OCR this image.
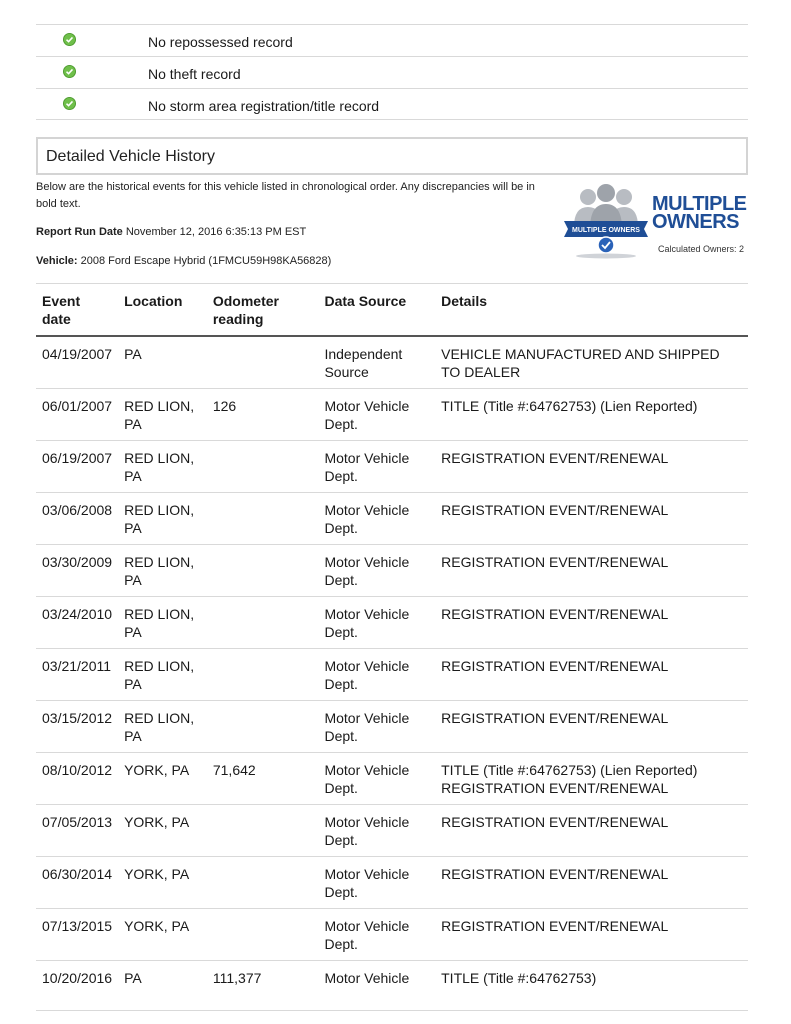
No repossessed record
No theft record
No storm area registration/title record
Detailed Vehicle History

Below are the historical events for this vehicle listed in chronological order. Any discrepancies will be in bold text.

Report Run Date November 12, 2016 6:35:13 PM EST

Vehicle: 2008 Ford Escape Hybrid (1FMCU59H98KA56828)

MULTIPLE OWNERS
MULTIPLE
OWNERS
Calculated Owners: 2
Event date	Location	Odometer reading	Data Source	Details
04/19/2007	PA		Independent Source	VEHICLE MANUFACTURED AND SHIPPED TO DEALER

06/01/2007	RED LION, PA	126	Motor Vehicle Dept.	TITLE (Title #:64762753) (Lien Reported)

06/19/2007	RED LION, PA		Motor Vehicle Dept.	REGISTRATION EVENT/RENEWAL

03/06/2008	RED LION, PA		Motor Vehicle Dept.	REGISTRATION EVENT/RENEWAL

03/30/2009	RED LION, PA		Motor Vehicle Dept.	REGISTRATION EVENT/RENEWAL

03/24/2010	RED LION, PA		Motor Vehicle Dept.	REGISTRATION EVENT/RENEWAL

03/21/2011	RED LION, PA		Motor Vehicle Dept.	REGISTRATION EVENT/RENEWAL

03/15/2012	RED LION, PA		Motor Vehicle Dept.	REGISTRATION EVENT/RENEWAL

08/10/2012	YORK, PA	71,642	Motor Vehicle Dept.	TITLE (Title #:64762753) (Lien Reported)
REGISTRATION EVENT/RENEWAL

07/05/2013	YORK, PA		Motor Vehicle Dept.	REGISTRATION EVENT/RENEWAL

06/30/2014	YORK, PA		Motor Vehicle Dept.	REGISTRATION EVENT/RENEWAL

07/13/2015	YORK, PA		Motor Vehicle Dept.	REGISTRATION EVENT/RENEWAL

10/20/2016	PA	111,377	Motor Vehicle	TITLE (Title #:64762753)
